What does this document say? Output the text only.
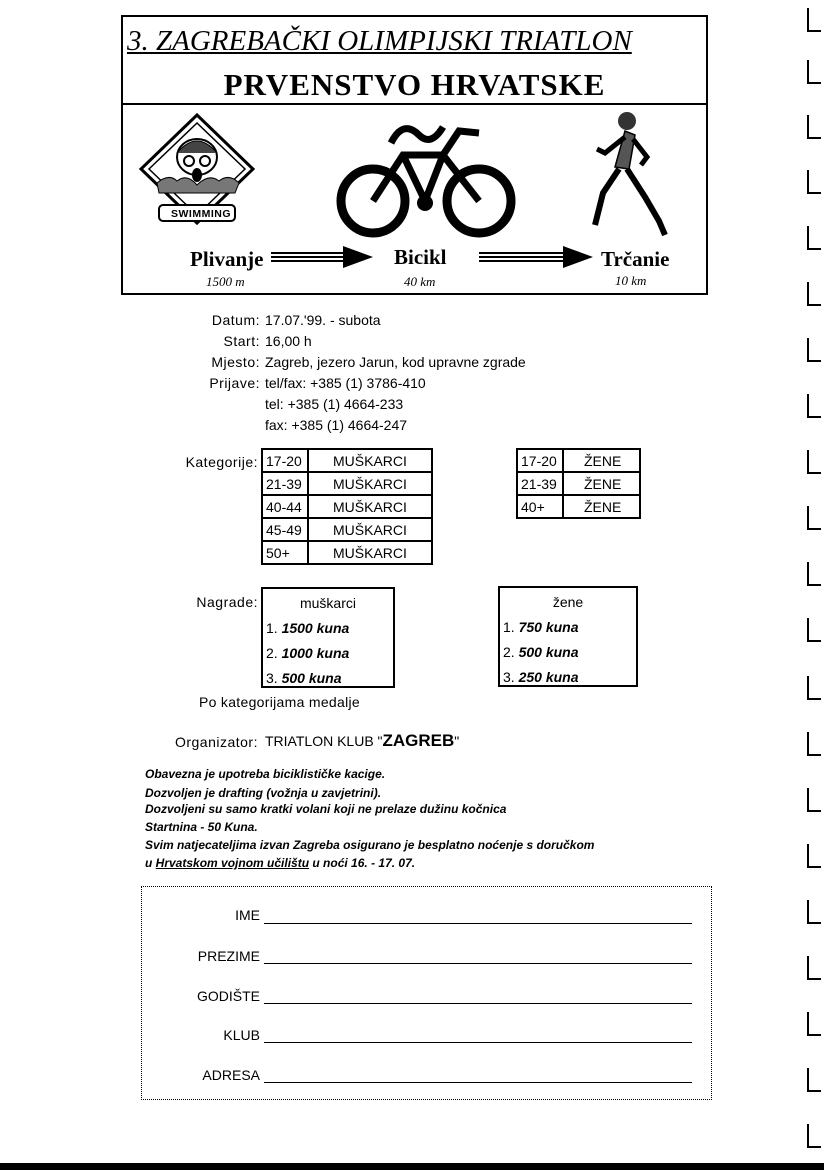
3. ZAGREBAČKI OLIMPIJSKI TRIATLON
PRVENSTVO HRVATSKE
SWIMMING
Plivanje
1500 m
Bicikl
40 km
Trčanie
10 km
Datum: 17.07.'99. - subota
Start: 16,00 h
Mjesto: Zagreb, jezero Jarun, kod upravne zgrade
Prijave: tel/fax: +385 (1) 3786-410
tel: +385 (1) 4664-233
fax: +385 (1) 4664-247
Kategorije: 17-20	MUŠKARCI
21-39	MUŠKARCI
40-44	MUŠKARCI
45-49	MUŠKARCI
50+	MUŠKARCI
17-20	ŽENE
21-39	ŽENE
40+	ŽENE
Nagrade:	muškarci
1. 1500 kuna
2. 1000 kuna
3. 500 kuna
žene
1. 750 kuna
2. 500 kuna
3. 250 kuna
Po kategorijama medalje
Organizator: TRIATLON KLUB "ZAGREB"
Obavezna je upotreba biciklističke kacige.
Dozvoljen je drafting (vožnja u zavjetrini).
Dozvoljeni su samo kratki volani koji ne prelaze dužinu kočnica
Startnina - 50 Kuna.
Svim natjecateljima izvan Zagreba osigurano je besplatno noćenje s doručkom
u Hrvatskom vojnom učilištu u noći 16. - 17. 07.
IME
PREZIME
GODIŠTE
KLUB
ADRESA
